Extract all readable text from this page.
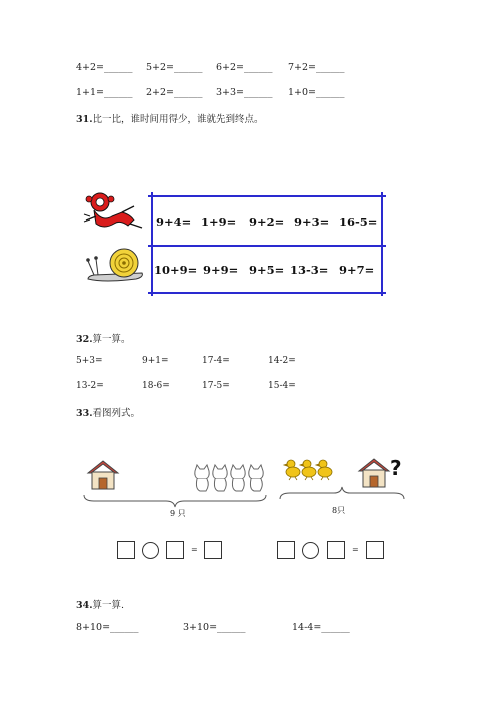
4+2=______ 5+2=______ 6+2=______ 7+2=______
1+1=______ 2+2=______ 3+3=______ 1+0=______
31.比一比，谁时间用得少，谁就先到终点。
9+4= 1+9= 9+2= 9+3= 16-5=
10+9= 9+9= 9+5= 13-3= 9+7=
32.算一算。
5+3=	9+1=	17-4=	14-2=
13-2=	18-6=	17-5=	15-4=
33.看图列式。
9 只
?
8只
=	=
34.算一算.
8+10=______	3+10=______	14-4=______
